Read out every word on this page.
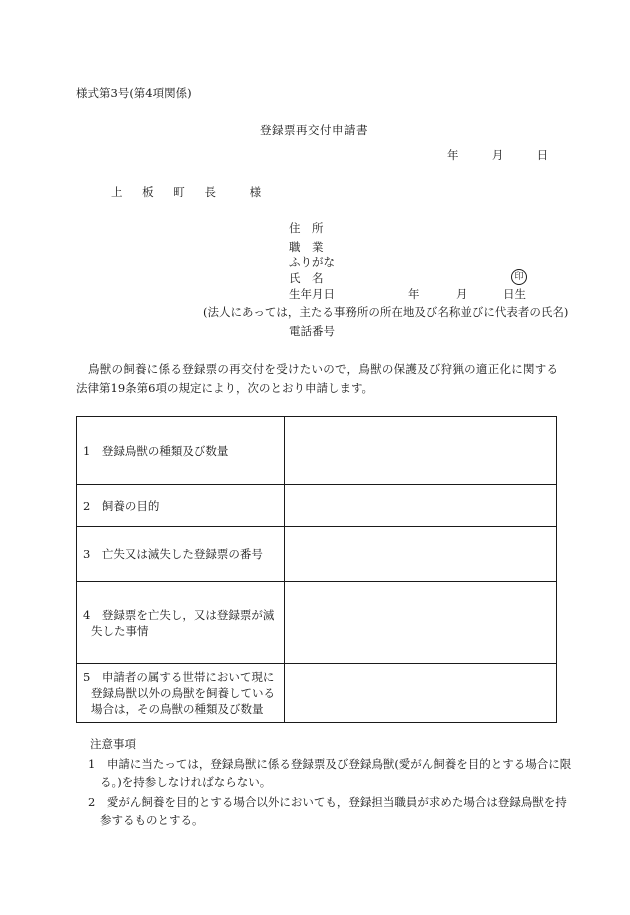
様式第3号(第4項関係)
登録票再交付申請書
年	月	日
上 板 町 長 様
住　所
職　業
ふりがな
氏　名	印
生年月日	年	月	日生
(法人にあっては，主たる事務所の所在地及び名称並びに代表者の氏名)
電話番号
鳥獣の飼養に係る登録票の再交付を受けたいので，鳥獣の保護及び狩猟の適正化に関する法律第19条第6項の規定により，次のとおり申請します。
1　登録鳥獣の種類及び数量	

2　飼養の目的	

3　亡失又は滅失した登録票の番号	

4　登録票を亡失し，又は登録票が滅失した事情	

5　申請者の属する世帯において現に登録鳥獣以外の鳥獣を飼養している場合は，その鳥獣の種類及び数量	

注意事項
1　申請に当たっては，登録鳥獣に係る登録票及び登録鳥獣(愛がん飼養を目的とする場合に限る。)を持参しなければならない。
2　愛がん飼養を目的とする場合以外においても，登録担当職員が求めた場合は登録鳥獣を持参するものとする。
